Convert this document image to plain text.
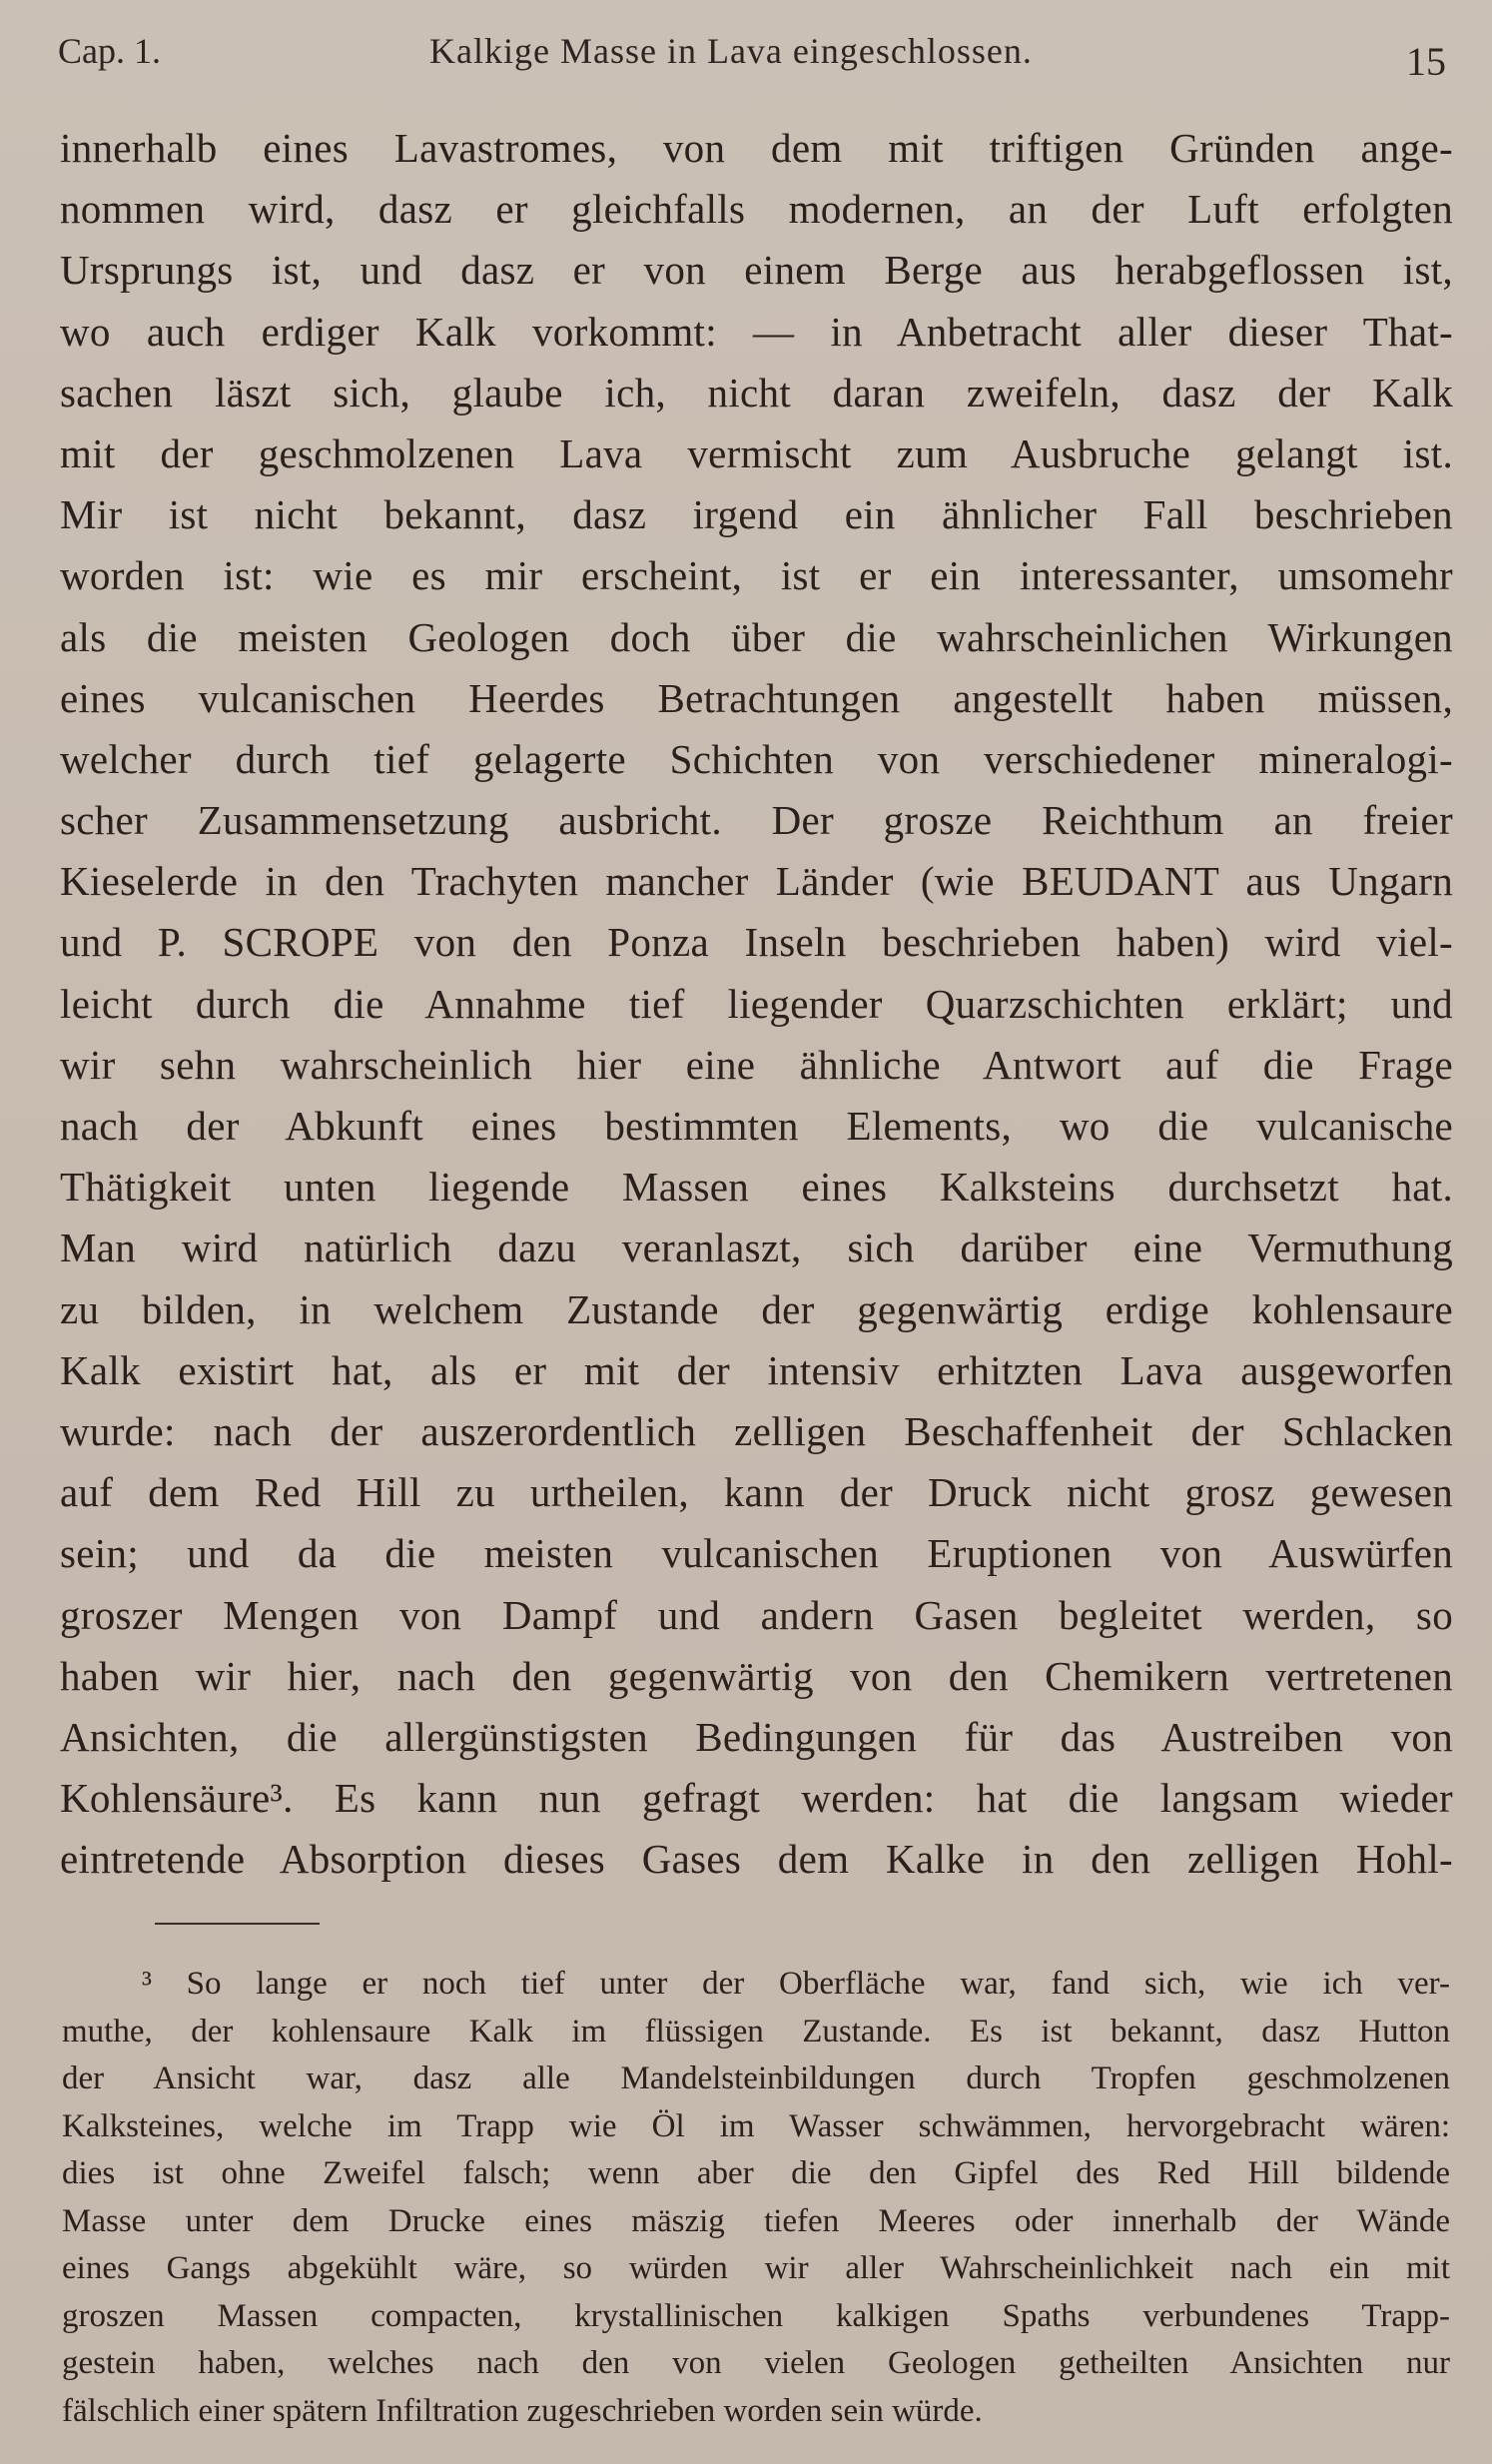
Cap. 1.	Kalkige Masse in Lava eingeschlossen.	15
innerhalb eines Lavastromes, von dem mit triftigen Gründen ange-
nommen wird, dasz er gleichfalls modernen, an der Luft erfolgten
Ursprungs ist, und dasz er von einem Berge aus herabgeflossen ist,
wo auch erdiger Kalk vorkommt: — in Anbetracht aller dieser That-
sachen läszt sich, glaube ich, nicht daran zweifeln, dasz der Kalk
mit der geschmolzenen Lava vermischt zum Ausbruche gelangt ist.
Mir ist nicht bekannt, dasz irgend ein ähnlicher Fall beschrieben
worden ist: wie es mir erscheint, ist er ein interessanter, umsomehr
als die meisten Geologen doch über die wahrscheinlichen Wirkungen
eines vulcanischen Heerdes Betrachtungen angestellt haben müssen,
welcher durch tief gelagerte Schichten von verschiedener mineralogi-
scher Zusammensetzung ausbricht. Der grosze Reichthum an freier
Kieselerde in den Trachyten mancher Länder (wie BEUDANT aus Ungarn
und P. SCROPE von den Ponza Inseln beschrieben haben) wird viel-
leicht durch die Annahme tief liegender Quarzschichten erklärt; und
wir sehn wahrscheinlich hier eine ähnliche Antwort auf die Frage
nach der Abkunft eines bestimmten Elements, wo die vulcanische
Thätigkeit unten liegende Massen eines Kalksteins durchsetzt hat.
Man wird natürlich dazu veranlaszt, sich darüber eine Vermuthung
zu bilden, in welchem Zustande der gegenwärtig erdige kohlensaure
Kalk existirt hat, als er mit der intensiv erhitzten Lava ausgeworfen
wurde: nach der auszerordentlich zelligen Beschaffenheit der Schlacken
auf dem Red Hill zu urtheilen, kann der Druck nicht grosz gewesen
sein; und da die meisten vulcanischen Eruptionen von Auswürfen
groszer Mengen von Dampf und andern Gasen begleitet werden, so
haben wir hier, nach den gegenwärtig von den Chemikern vertretenen
Ansichten, die allergünstigsten Bedingungen für das Austreiben von
Kohlensäure³. Es kann nun gefragt werden: hat die langsam wieder
eintretende Absorption dieses Gases dem Kalke in den zelligen Hohl-
³ So lange er noch tief unter der Oberfläche war, fand sich, wie ich ver-
muthe, der kohlensaure Kalk im flüssigen Zustande. Es ist bekannt, dasz Hutton
der Ansicht war, dasz alle Mandelsteinbildungen durch Tropfen geschmolzenen
Kalksteines, welche im Trapp wie Öl im Wasser schwämmen, hervorgebracht wären:
dies ist ohne Zweifel falsch; wenn aber die den Gipfel des Red Hill bildende
Masse unter dem Drucke eines mäszig tiefen Meeres oder innerhalb der Wände
eines Gangs abgekühlt wäre, so würden wir aller Wahrscheinlichkeit nach ein mit
groszen Massen compacten, krystallinischen kalkigen Spaths verbundenes Trapp-
gestein haben, welches nach den von vielen Geologen getheilten Ansichten nur
fälschlich einer spätern Infiltration zugeschrieben worden sein würde.
